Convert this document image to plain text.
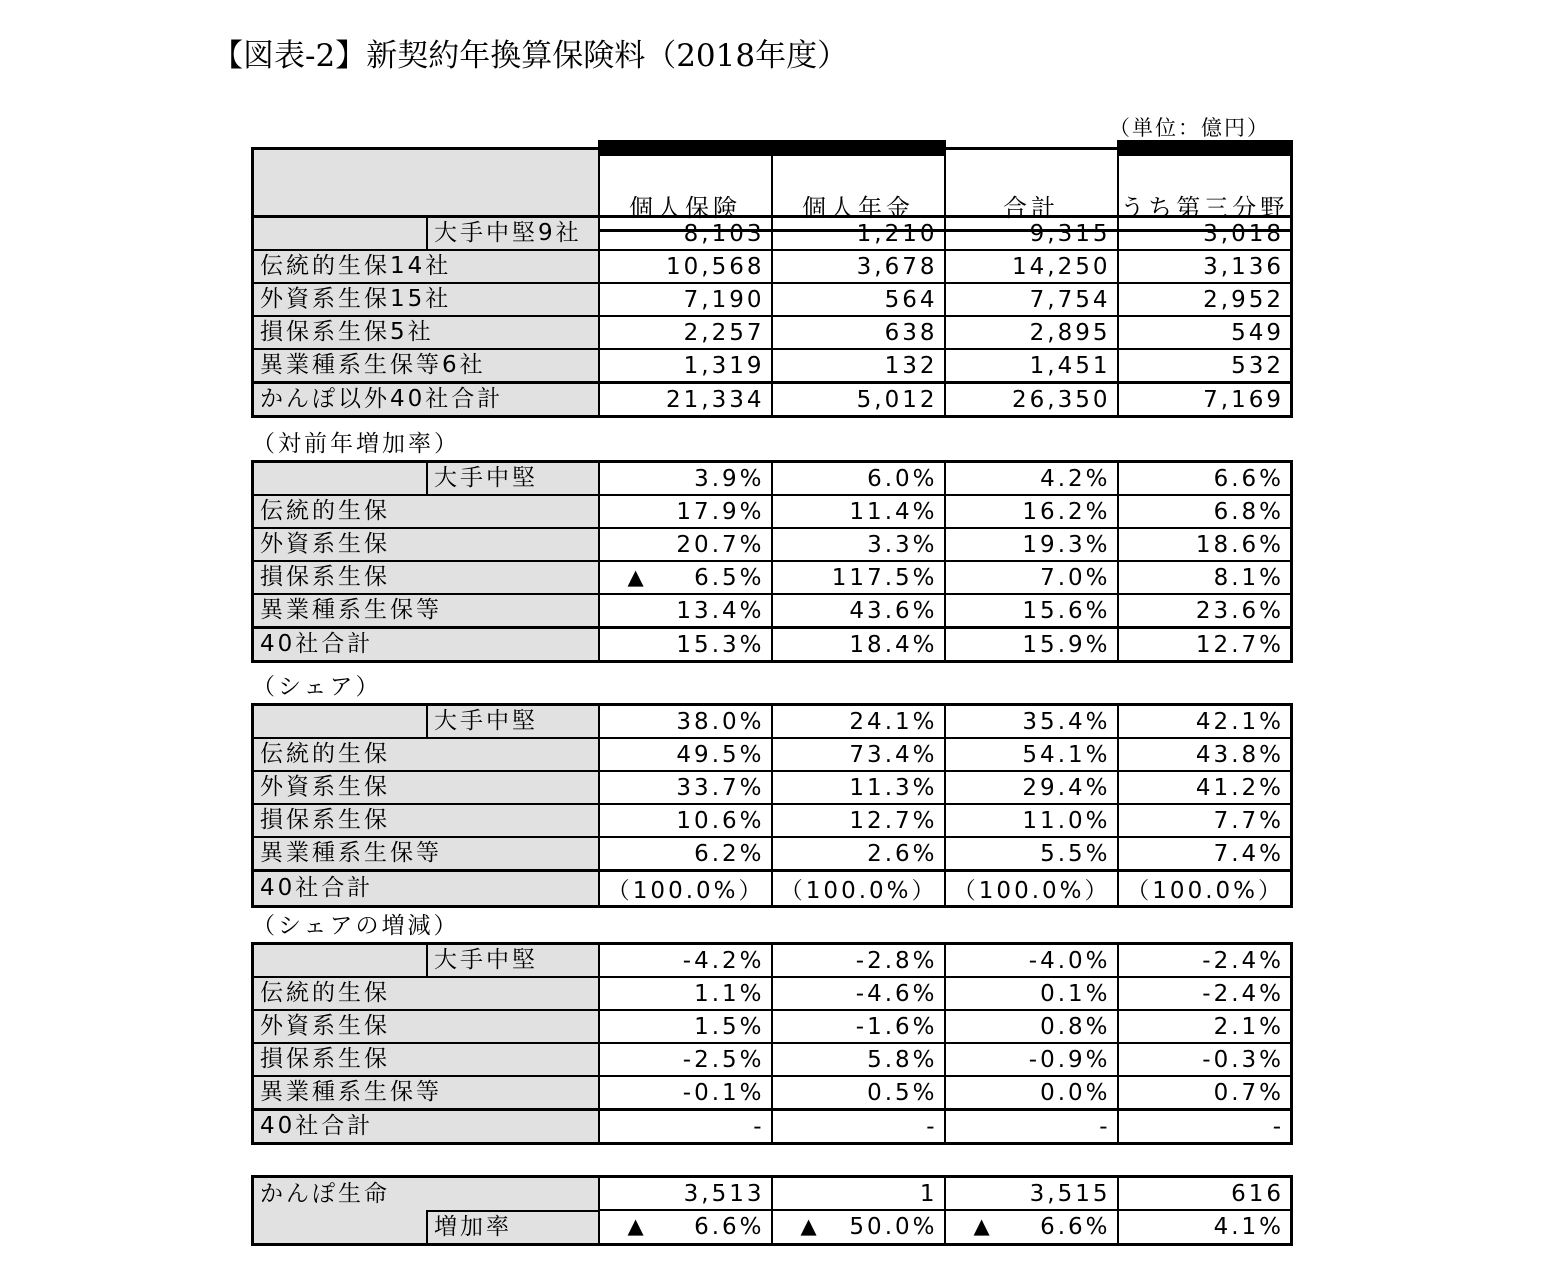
【図表-2】新契約年換算保険料（2018年度）
（単位：億円）
	個人保険	個人年金	合計	うち第三分野
大手中堅9社	8,103	1,210	9,315	3,018

伝統的生保14社	10,568	3,678	14,250	3,136

外資系生保15社	7,190	564	7,754	2,952

損保系生保5社	2,257	638	2,895	549

異業種系生保等6社	1,319	132	1,451	532

かんぽ以外40社合計	21,334	5,012	26,350	7,169
（対前年増加率）
大手中堅	3.9%	6.0%	4.2%	6.6%

伝統的生保	17.9%	11.4%	16.2%	6.8%

外資系生保	20.7%	3.3%	19.3%	18.6%

損保系生保	▲ 6.5%	117.5%	7.0%	8.1%

異業種系生保等	13.4%	43.6%	15.6%	23.6%

40社合計	15.3%	18.4%	15.9%	12.7%
（シェア）
大手中堅	38.0%	24.1%	35.4%	42.1%

伝統的生保	49.5%	73.4%	54.1%	43.8%

外資系生保	33.7%	11.3%	29.4%	41.2%

損保系生保	10.6%	12.7%	11.0%	7.7%

異業種系生保等	6.2%	2.6%	5.5%	7.4%

40社合計	（100.0%）	（100.0%）	（100.0%）	（100.0%）
（シェアの増減）
大手中堅	-4.2%	-2.8%	-4.0%	-2.4%

伝統的生保	1.1%	-4.6%	0.1%	-2.4%

外資系生保	1.5%	-1.6%	0.8%	2.1%

損保系生保	-2.5%	5.8%	-0.9%	-0.3%

異業種系生保等	-0.1%	0.5%	0.0%	0.7%

40社合計	-	-	-	-
かんぽ生命	3,513	1	3,515	616

増加率	▲ 6.6%	▲ 50.0%	▲ 6.6%	4.1%
